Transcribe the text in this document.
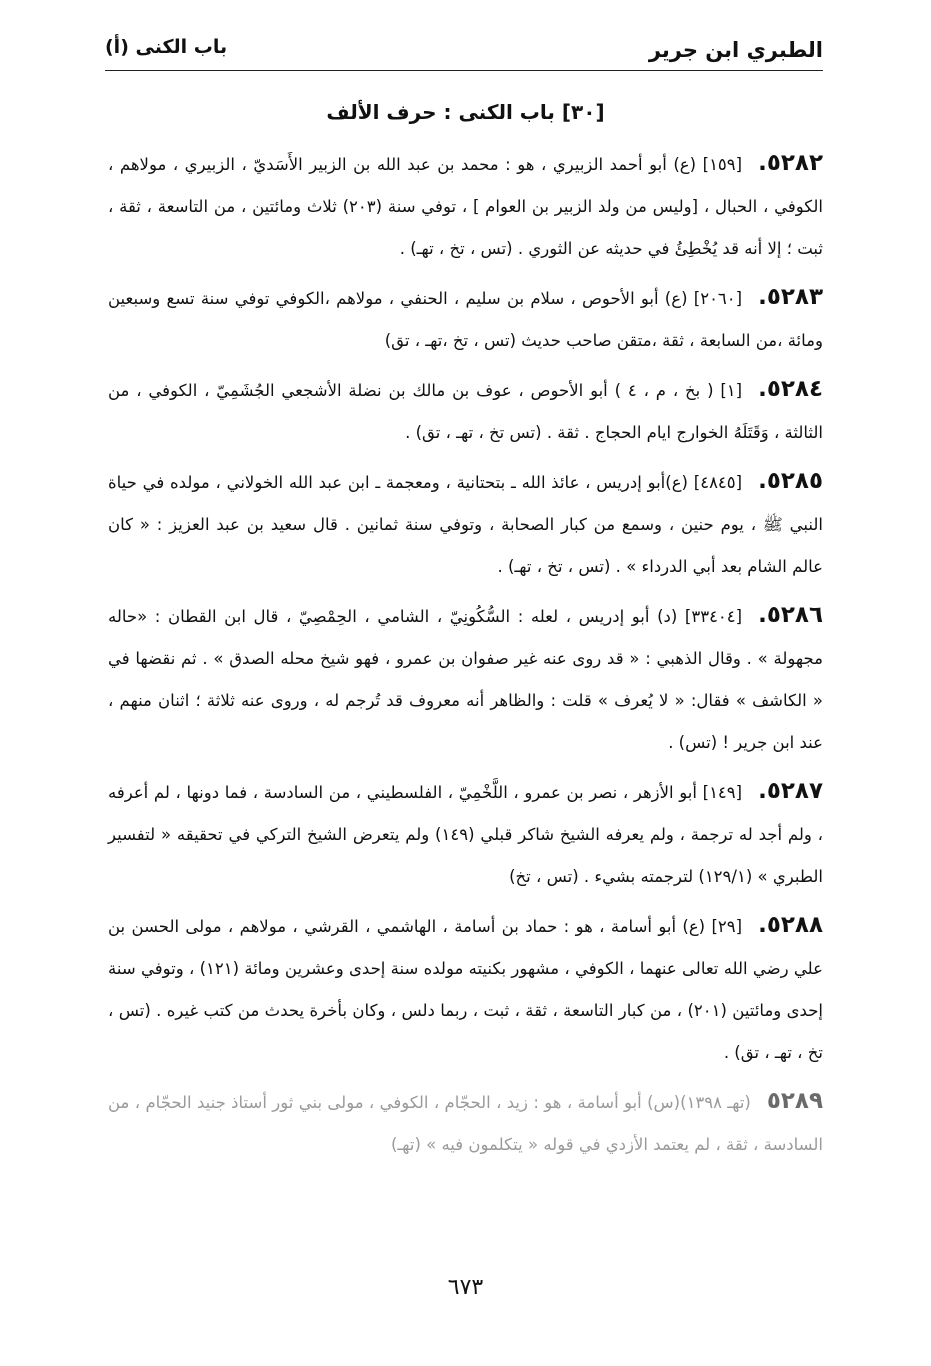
الطبري ابن جرير
باب الكنى (أ)
[٣٠] باب الكنى : حرف الألف

٥٢٨٢.[١٥٩] (ع) أبو أحمد الزبيري ، هو : محمد بن عبد الله بن الزبير الأَسَديّ ، الزبيري ، مولاهم ، الكوفي ، الحبال ، [وليس من ولد الزبير بن العوام ] ، توفي سنة (٢٠٣) ثلاث ومائتين ، من التاسعة ، ثقة ، ثبت ؛ إلا أنه قد يُخْطِئُ في حديثه عن الثوري . (تس ، تخ ، تهـ) .

٥٢٨٣.[٢٠٦٠] (ع) أبو الأحوص ، سلام بن سليم ، الحنفي ، مولاهم ،الكوفي توفي سنة تسع وسبعين ومائة ،من السابعة ، ثقة ،متقن صاحب حديث (تس ، تخ ،تهـ ، تق)

٥٢٨٤.[١] ( بخ ، م ، ٤ ) أبو الأحوص ، عوف بن مالك بن نضلة الأشجعي الجُشَمِيّ ، الكوفي ، من الثالثة ، وَقَتَلَهُ الخوارج ايام الحجاج . ثقة . (تس تخ ، تهـ ، تق) .

٥٢٨٥.[٤٨٤٥] (ع)أبو إدريس ، عائذ الله ـ بتحتانية ، ومعجمة ـ ابن عبد الله الخولاني ، مولده في حياة النبي ﷺ ، يوم حنين ، وسمع من كبار الصحابة ، وتوفي سنة ثمانين . قال سعيد بن عبد العزيز : « كان عالم الشام بعد أبي الدرداء » . (تس ، تخ ، تهـ) .

٥٢٨٦.[٣٣٤٠٤] (د) أبو إدريس ، لعله : السُّكُونِيّ ، الشامي ، الحِمْصِيّ ، قال ابن القطان : «حاله مجهولة » . وقال الذهبي : « قد روى عنه غير صفوان بن عمرو ، فهو شيخ محله الصدق » . ثم نقضها في « الكاشف » فقال: « لا يُعرف » قلت : والظاهر أنه معروف قد تُرجم له ، وروى عنه ثلاثة ؛ اثنان منهم ، عند ابن جرير ! (تس) .

٥٢٨٧.[١٤٩] أبو الأزهر ، نصر بن عمرو ، اللَّخْمِيّ ، الفلسطيني ، من السادسة ، فما دونها ، لم أعرفه ، ولم أجد له ترجمة ، ولم يعرفه الشيخ شاكر قبلي (١٤٩) ولم يتعرض الشيخ التركي في تحقيقه « لتفسير الطبري » (١٢٩/١) لترجمته بشيء . (تس ، تخ)

٥٢٨٨.[٢٩] (ع) أبو أسامة ، هو : حماد بن أسامة ، الهاشمي ، القرشي ، مولاهم ، مولى الحسن بن علي رضي الله تعالى عنهما ، الكوفي ، مشهور بكنيته مولده سنة إحدى وعشرين ومائة (١٢١) ، وتوفي سنة إحدى ومائتين (٢٠١) ، من كبار التاسعة ، ثقة ، ثبت ، ربما دلس ، وكان بأخرة يحدث من كتب غيره . (تس ، تخ ، تهـ ، تق) .

٥٢٨٩(تهـ ١٣٩٨)(س) أبو أسامة ، هو : زيد ، الحجّام ، الكوفي ، مولى بني ثور أستاذ جنيد الحجّام ، من السادسة ، ثقة ، لم يعتمد الأزدي في قوله « يتكلمون فيه » (تهـ)

٦٧٣
